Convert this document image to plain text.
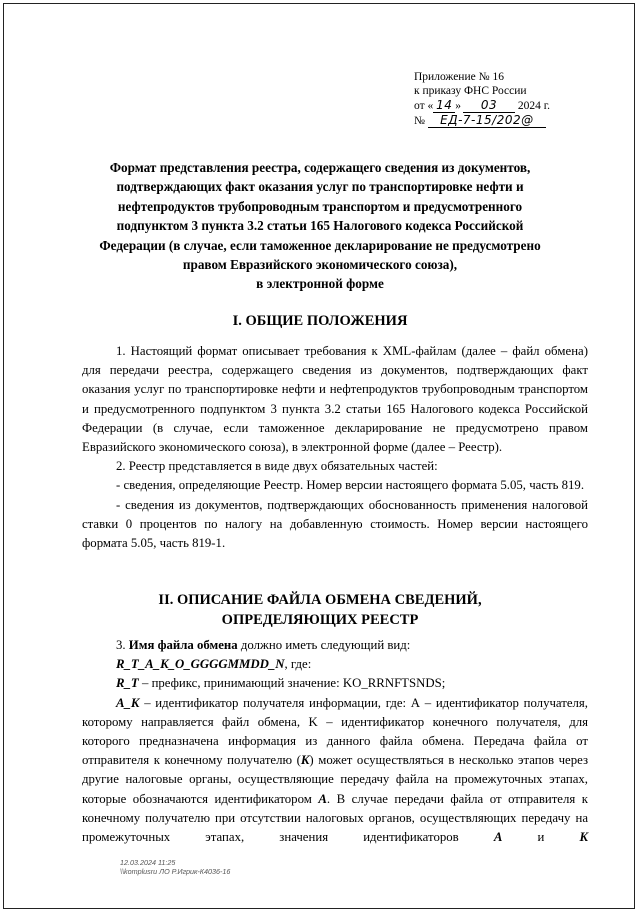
Приложение № 16
к приказу ФНС России
от « 14 » 03 2024 г.
№ ЕД-7-15/202@
Формат представления реестра, содержащего сведения из документов,
подтверждающих факт оказания услуг по транспортировке нефти и
нефтепродуктов трубопроводным транспортом и предусмотренного
подпунктом 3 пункта 3.2 статьи 165 Налогового кодекса Российской
Федерации (в случае, если таможенное декларирование не предусмотрено
правом Евразийского экономического союза),
в электронной форме
I. ОБЩИЕ ПОЛОЖЕНИЯ

1. Настоящий формат описывает требования к XML-файлам (далее – файл обмена) для передачи реестра, содержащего сведения из документов, подтверждающих факт оказания услуг по транспортировке нефти и нефтепродуктов трубопроводным транспортом и предусмотренного подпунктом 3 пункта 3.2 статьи 165 Налогового кодекса Российской Федерации (в случае, если таможенное декларирование не предусмотрено правом Евразийского экономического союза), в электронной форме (далее – Реестр).

2. Реестр представляется в виде двух обязательных частей:

- сведения, определяющие Реестр. Номер версии настоящего формата 5.05, часть 819.

- сведения из документов, подтверждающих обоснованность применения налоговой ставки 0 процентов по налогу на добавленную стоимость. Номер версии настоящего формата 5.05, часть 819-1.

II. ОПИСАНИЕ ФАЙЛА ОБМЕНА СВЕДЕНИЙ,
ОПРЕДЕЛЯЮЩИХ РЕЕСТР

3. Имя файла обмена должно иметь следующий вид:

R_T_A_K_O_GGGGMMDD_N, где:

R_T – префикс, принимающий значение: KO_RRNFTSNDS;

A_K – идентификатор получателя информации, где: А – идентификатор получателя, которому направляется файл обмена, K – идентификатор конечного получателя, для которого предназначена информация из данного файла обмена. Передача файла от отправителя к конечному получателю (K) может осуществляться в несколько этапов через другие налоговые органы, осуществляющие передачу файла на промежуточных этапах, которые обозначаются идентификатором А. В случае передачи файла от отправителя к конечному получателю при отсутствии налоговых органов, осуществляющих передачу на промежуточных этапах, значения идентификаторов А и K

12.03.2024 11:25
\\komplusru ЛО Р.Игрuк-К4036-16
